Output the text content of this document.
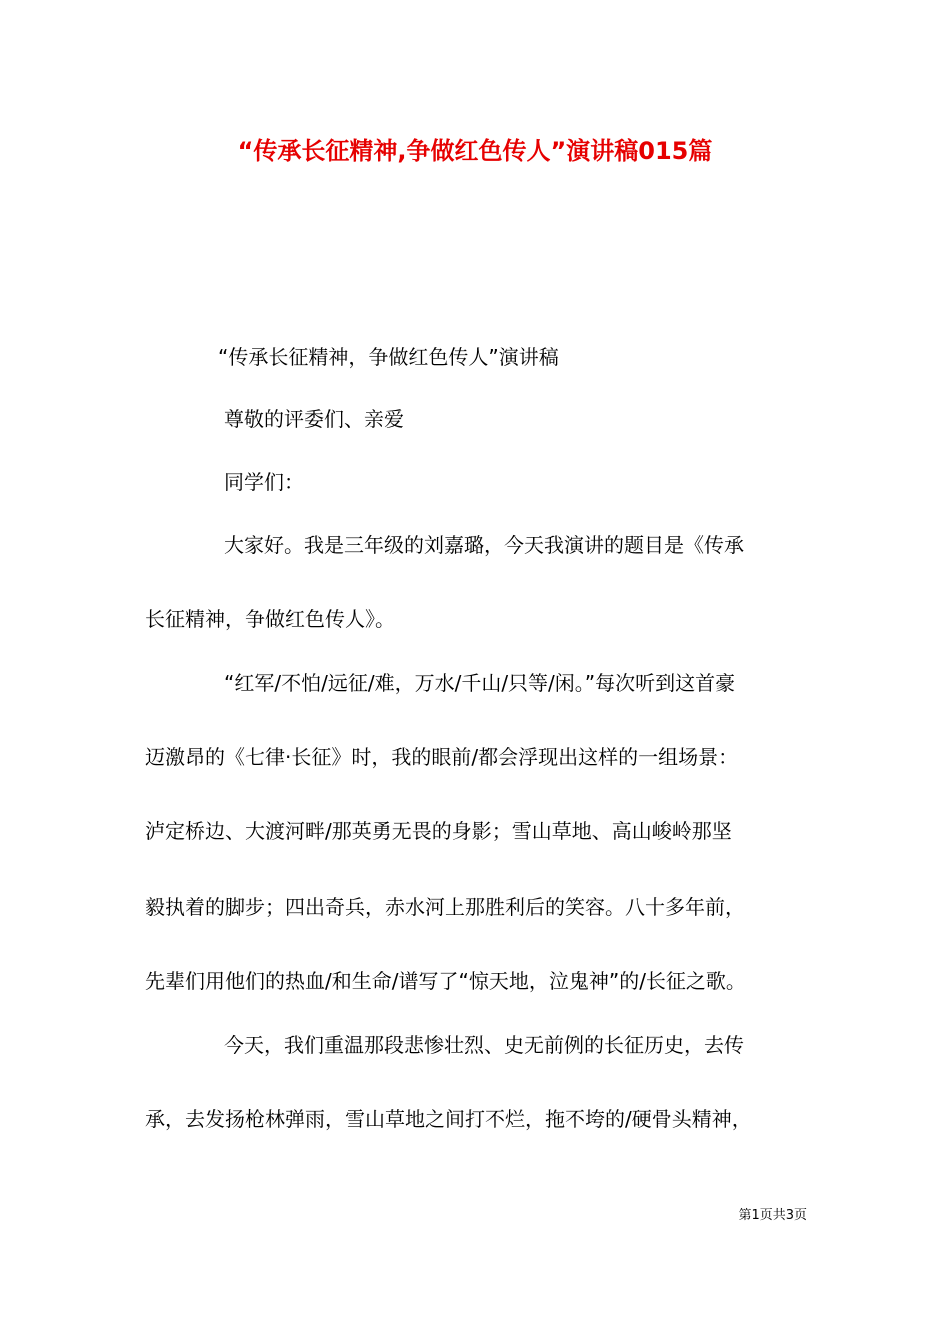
“传承长征精神,争做红色传人”演讲稿015篇
“传承长征精神，争做红色传人”演讲稿
尊敬的评委们、亲爱
同学们：
大家好。我是三年级的刘嘉璐，今天我演讲的题目是《传承
长征精神，争做红色传人》。
“红军/不怕/远征/难，万水/千山/只等/闲。”每次听到这首豪
迈激昂的《七律·长征》时，我的眼前/都会浮现出这样的一组场景：
泸定桥边、大渡河畔/那英勇无畏的身影；雪山草地、高山峻岭那坚
毅执着的脚步；四出奇兵，赤水河上那胜利后的笑容。八十多年前，
先辈们用他们的热血/和生命/谱写了“惊天地，泣鬼神”的/长征之歌。
今天，我们重温那段悲惨壮烈、史无前例的长征历史，去传
承，去发扬枪林弹雨，雪山草地之间打不烂，拖不垮的/硬骨头精神，
第1页共3页
